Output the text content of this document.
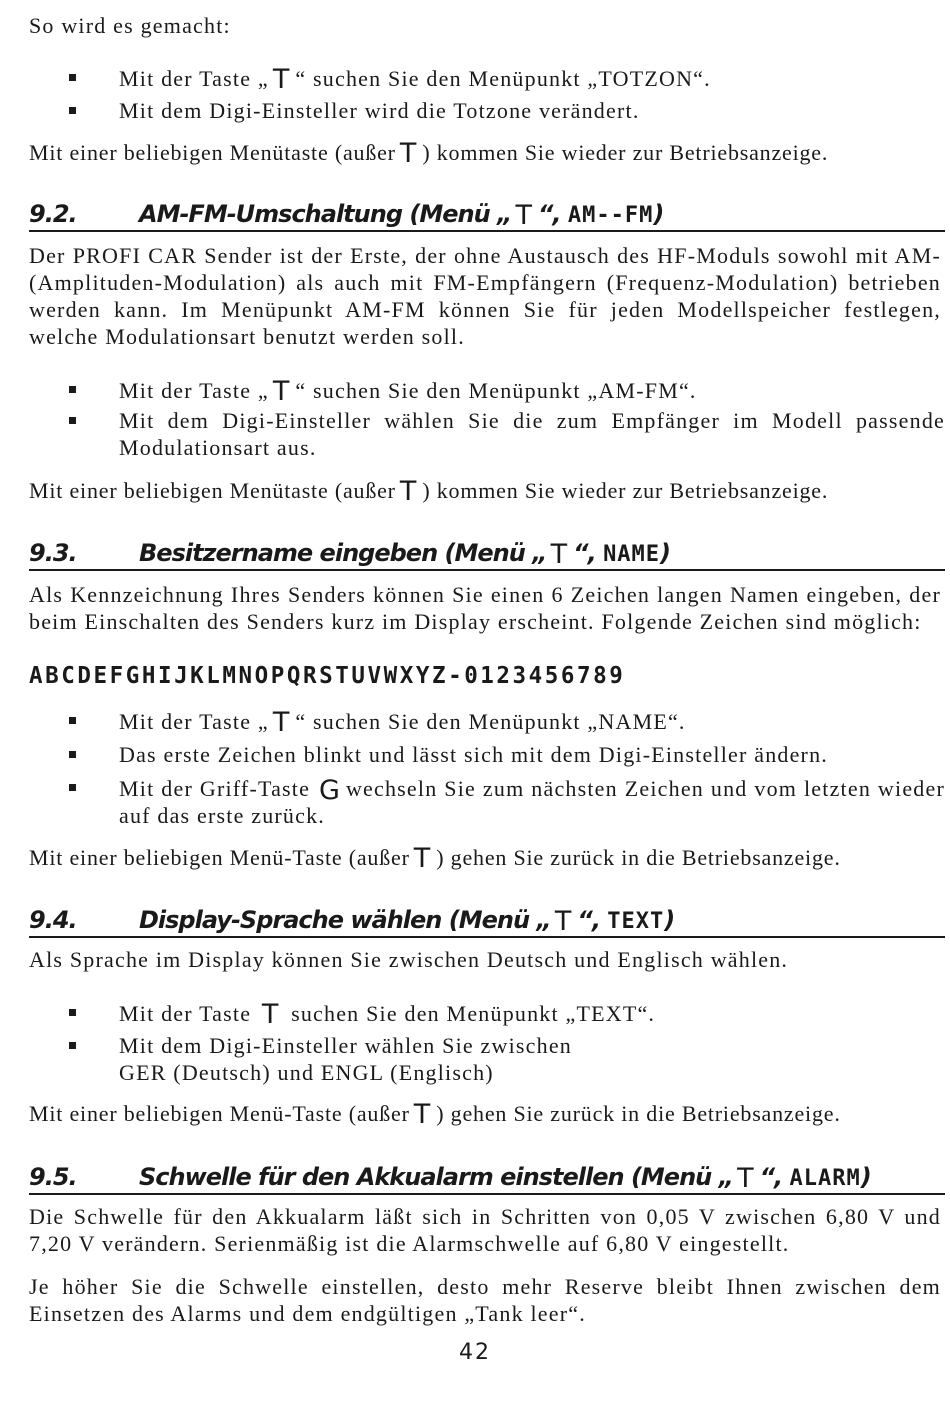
So wird es gemacht:

Mit der Taste „ T “ suchen Sie den Menüpunkt „TOTZON“.

Mit dem Digi-Einsteller wird die Totzone verändert.

Mit einer beliebigen Menütaste (außer T ) kommen Sie wieder zur Betriebsanzeige.

9.2.	AM-FM-Umschaltung (Menü „ T “, AM--FM)

Der PROFI CAR Sender ist der Erste, der ohne Austausch des HF-Moduls sowohl mit AM- (Amplituden-Modulation) als auch mit FM-Empfängern (Frequenz-Modulation) betrieben werden kann. Im Menüpunkt AM-FM können Sie für jeden Modellspeicher festlegen, welche Modulationsart benutzt werden soll.

Mit der Taste „ T “ suchen Sie den Menüpunkt „AM-FM“.

Mit dem Digi-Einsteller wählen Sie die zum Empfänger im Modell passende Modulationsart aus.

Mit einer beliebigen Menütaste (außer T ) kommen Sie wieder zur Betriebsanzeige.

9.3.	Besitzername eingeben (Menü „ T “, NAME)

Als Kennzeichnung Ihres Senders können Sie einen 6 Zeichen langen Namen eingeben, der beim Einschalten des Senders kurz im Display erscheint. Folgende Zeichen sind möglich:

ABCDEFGHIJKLMNOPQRSTUVWXYZ-0123456789

Mit der Taste „ T “ suchen Sie den Menüpunkt „NAME“.

Das erste Zeichen blinkt und lässt sich mit dem Digi-Einsteller ändern.

Mit der Griff-Taste G wechseln Sie zum nächsten Zeichen und vom letzten wieder auf das erste zurück.

Mit einer beliebigen Menü-Taste (außer T ) gehen Sie zurück in die Betriebsanzeige.

9.4.	Display-Sprache wählen (Menü „ T “, TEXT)

Als Sprache im Display können Sie zwischen Deutsch und Englisch wählen.

Mit der Taste T suchen Sie den Menüpunkt „TEXT“.

Mit dem Digi-Einsteller wählen Sie zwischen
GER (Deutsch) und ENGL (Englisch)

Mit einer beliebigen Menü-Taste (außer T ) gehen Sie zurück in die Betriebsanzeige.

9.5.	Schwelle für den Akkualarm einstellen (Menü „ T “, ALARM)

Die Schwelle für den Akkualarm läßt sich in Schritten von 0,05 V zwischen 6,80 V und 7,20 V verändern. Serienmäßig ist die Alarmschwelle auf 6,80 V eingestellt.

Je höher Sie die Schwelle einstellen, desto mehr Reserve bleibt Ihnen zwischen dem Einsetzen des Alarms und dem endgültigen „Tank leer“.

42
